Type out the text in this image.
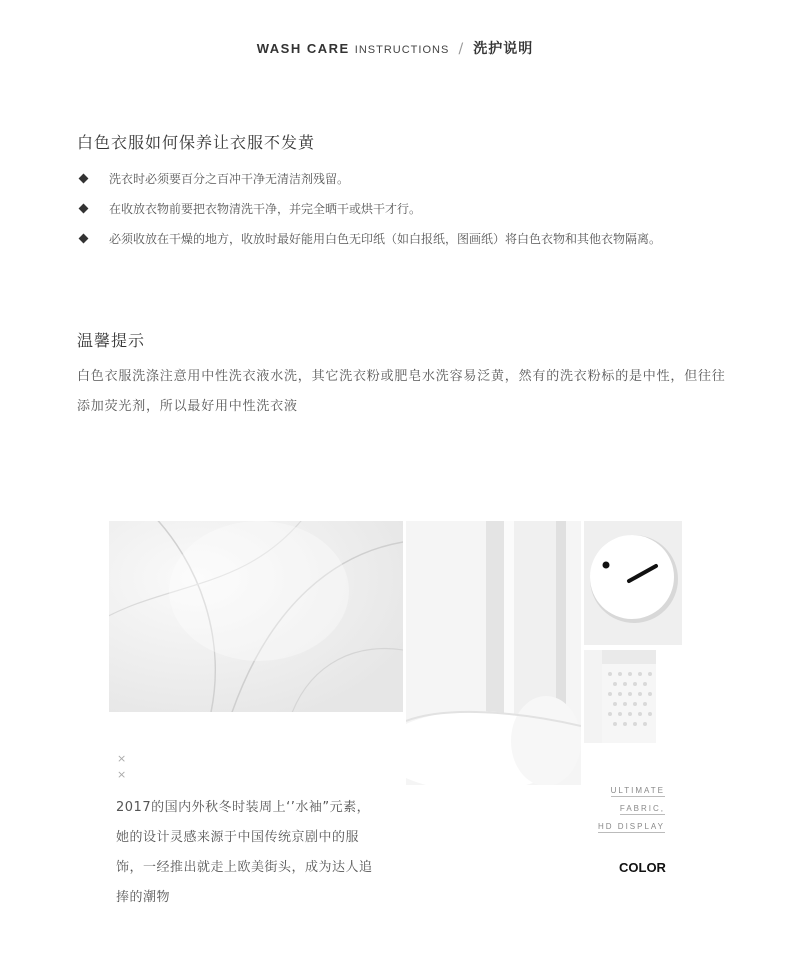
WASH CARE INSTRUCTIONS / 洗护说明
白色衣服如何保养让衣服不发黄
洗衣时必须要百分之百冲干净无清洁剂残留。
在收放衣物前要把衣物清洗干净，并完全晒干或烘干才行。
必须收放在干燥的地方，收放时最好能用白色无印纸（如白报纸，图画纸）将白色衣物和其他衣物隔离。
温馨提示
白色衣服洗涤注意用中性洗衣液水洗，其它洗衣粉或肥皂水洗容易泛黄，然有的洗衣粉标的是中性，但往往添加荧光剂，所以最好用中性洗衣液
×
×
2017的国内外秋冬时装周上‘’水袖”元素，她的设计灵感来源于中国传统京剧中的服饰，一经推出就走上欧美街头，成为达人追捧的潮物
ULTIMATE
FABRIC,
HD DISPLAY
COLOR
